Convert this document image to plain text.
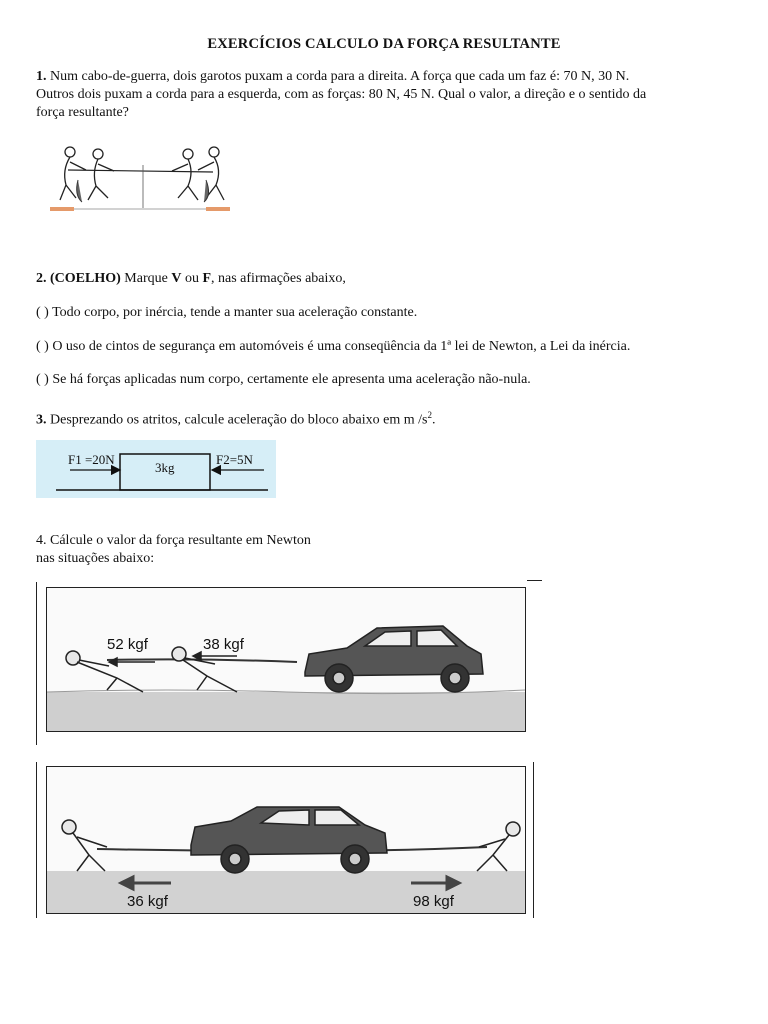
EXERCÍCIOS CALCULO DA FORÇA RESULTANTE
1. Num cabo-de-guerra, dois garotos puxam a corda para a direita. A força que cada um faz é: 70 N, 30 N.
Outros dois puxam a corda para a esquerda, com as forças: 80 N, 45 N. Qual o valor, a direção e o sentido da
força resultante?
2. (COELHO) Marque V ou F, nas afirmações abaixo,
( ) Todo corpo, por inércia, tende a manter sua aceleração constante.
( ) O uso de cintos de segurança em automóveis é uma conseqüência da 1ª lei de Newton, a Lei da inércia.
( ) Se há forças aplicadas num corpo, certamente ele apresenta uma aceleração não-nula.
3. Desprezando os atritos, calcule aceleração do bloco abaixo em m $/s^2$.
F1 =20N
3kg
F2=5N
4. Cálcule o valor da força resultante em Newton
nas situações abaixo:
52 kgf	38 kgf
36 kgf	98 kgf
